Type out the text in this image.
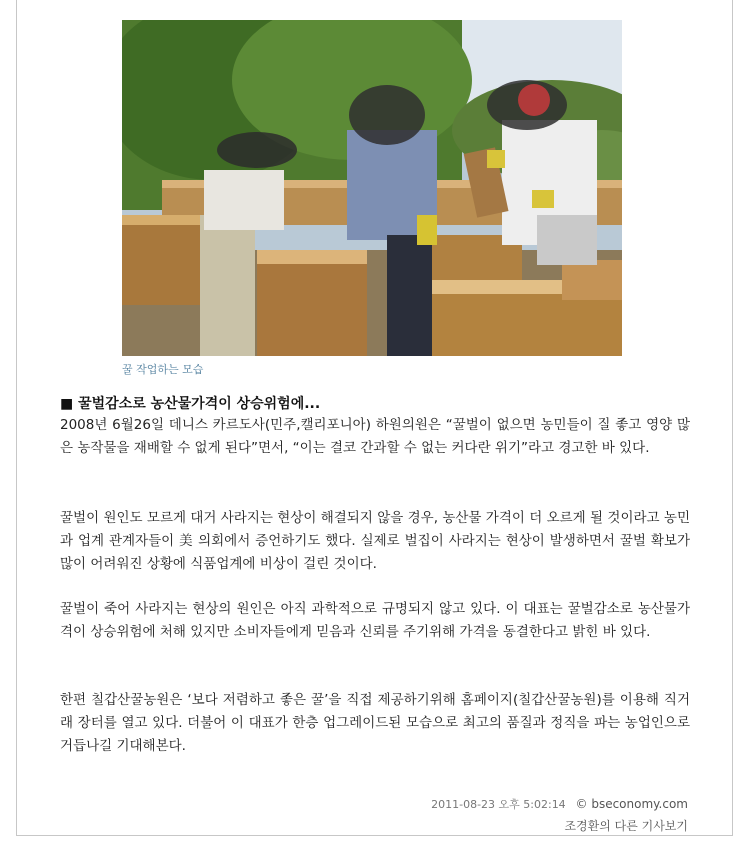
꿀 작업하는 모습
■ 꿀벌감소로 농산물가격이 상승위험에...

2008년 6월26일 데니스 카르도사(민주,캘리포니아) 하원의원은 “꿀벌이 없으면 농민들이 질 좋고 영양 많은 농작물을 재배할 수 없게 된다”면서, “이는 결코 간과할 수 없는 커다란 위기”라고 경고한 바 있다.

꿀벌이 원인도 모르게 대거 사라지는 현상이 해결되지 않을 경우, 농산물 가격이 더 오르게 될 것이라고 농민과 업계 관계자들이 美 의회에서 증언하기도 했다. 실제로 벌집이 사라지는 현상이 발생하면서 꿀벌 확보가 많이 어려워진 상황에 식품업계에 비상이 걸린 것이다.

꿀벌이 죽어 사라지는 현상의 원인은 아직 과학적으로 규명되지 않고 있다. 이 대표는 꿀벌감소로 농산물가격이 상승위험에 처해 있지만 소비자들에게 믿음과 신뢰를 주기위해 가격을 동결한다고 밝힌 바 있다.

한편 칠갑산꿀농원은 ‘보다 저렴하고 좋은 꿀’을 직접 제공하기위해 홈페이지(칠갑산꿀농원)를 이용해 직거래 장터를 열고 있다. 더불어 이 대표가 한층 업그레이드된 모습으로 최고의 품질과 정직을 파는 농업인으로 거듭나길 기대해본다.

2011-08-23 오후 5:02:14 © bseconomy.com
조경환의 다른 기사보기
